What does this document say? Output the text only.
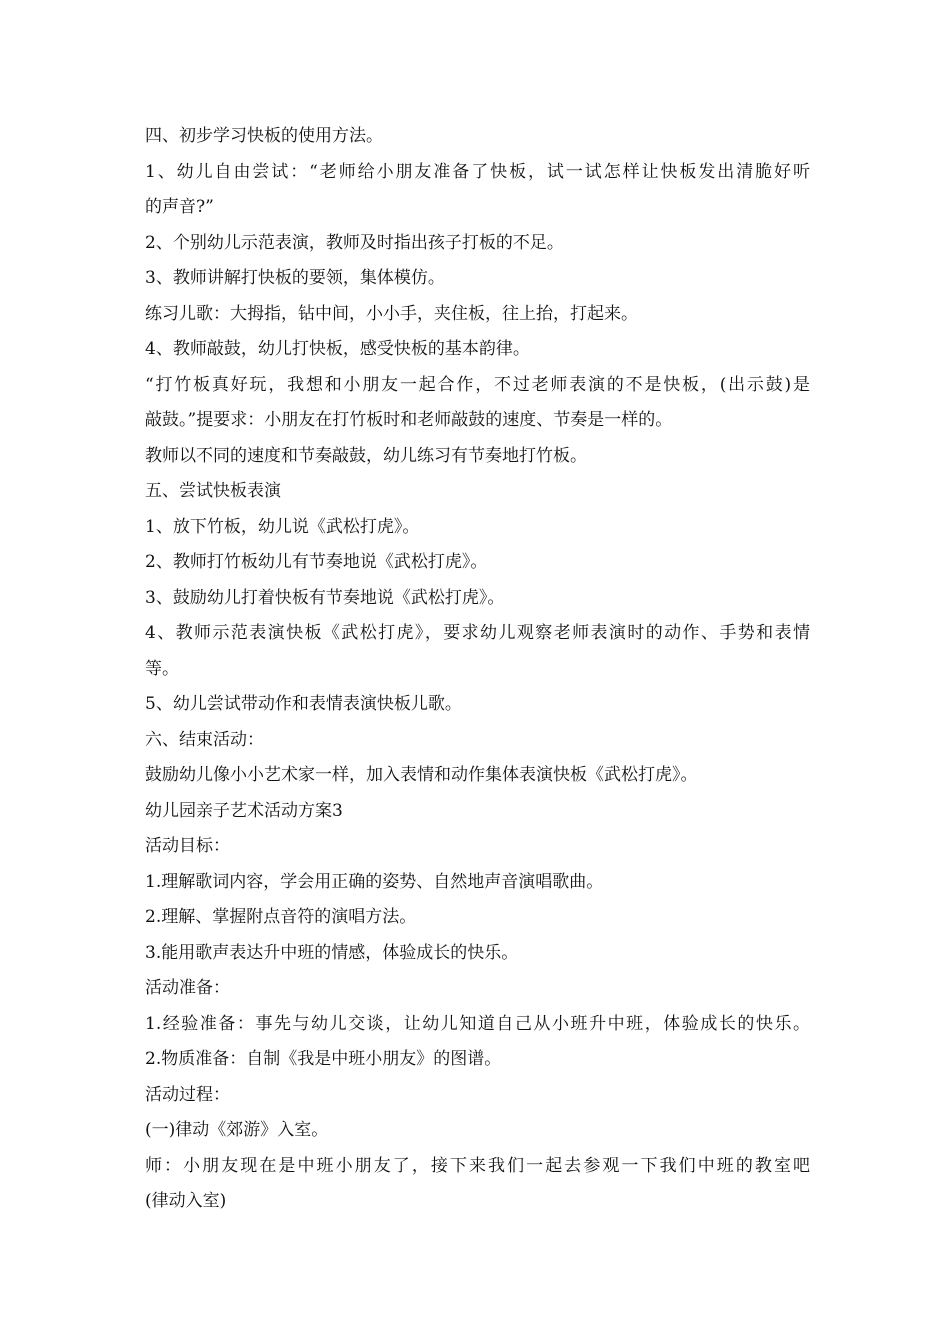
四、初步学习快板的使用方法。
1、幼儿自由尝试：“老师给小朋友准备了快板，试一试怎样让快板发出清脆好听
的声音?”
2、个别幼儿示范表演，教师及时指出孩子打板的不足。
3、教师讲解打快板的要领，集体模仿。
练习儿歌：大拇指，钻中间，小小手，夹住板，往上抬，打起来。
4、教师敲鼓，幼儿打快板，感受快板的基本韵律。
“打竹板真好玩，我想和小朋友一起合作，不过老师表演的不是快板，(出示鼓)是
敲鼓。”提要求：小朋友在打竹板时和老师敲鼓的速度、节奏是一样的。
教师以不同的速度和节奏敲鼓，幼儿练习有节奏地打竹板。
五、尝试快板表演
1、放下竹板，幼儿说《武松打虎》。
2、教师打竹板幼儿有节奏地说《武松打虎》。
3、鼓励幼儿打着快板有节奏地说《武松打虎》。
4、教师示范表演快板《武松打虎》，要求幼儿观察老师表演时的动作、手势和表情
等。
5、幼儿尝试带动作和表情表演快板儿歌。
六、结束活动：
鼓励幼儿像小小艺术家一样，加入表情和动作集体表演快板《武松打虎》。
幼儿园亲子艺术活动方案3
活动目标：
1.理解歌词内容，学会用正确的姿势、自然地声音演唱歌曲。
2.理解、掌握附点音符的演唱方法。
3.能用歌声表达升中班的情感，体验成长的快乐。
活动准备：
1.经验准备：事先与幼儿交谈，让幼儿知道自己从小班升中班，体验成长的快乐。
2.物质准备：自制《我是中班小朋友》的图谱。
活动过程：
(一)律动《郊游》入室。
师：小朋友现在是中班小朋友了，接下来我们一起去参观一下我们中班的教室吧
(律动入室)
